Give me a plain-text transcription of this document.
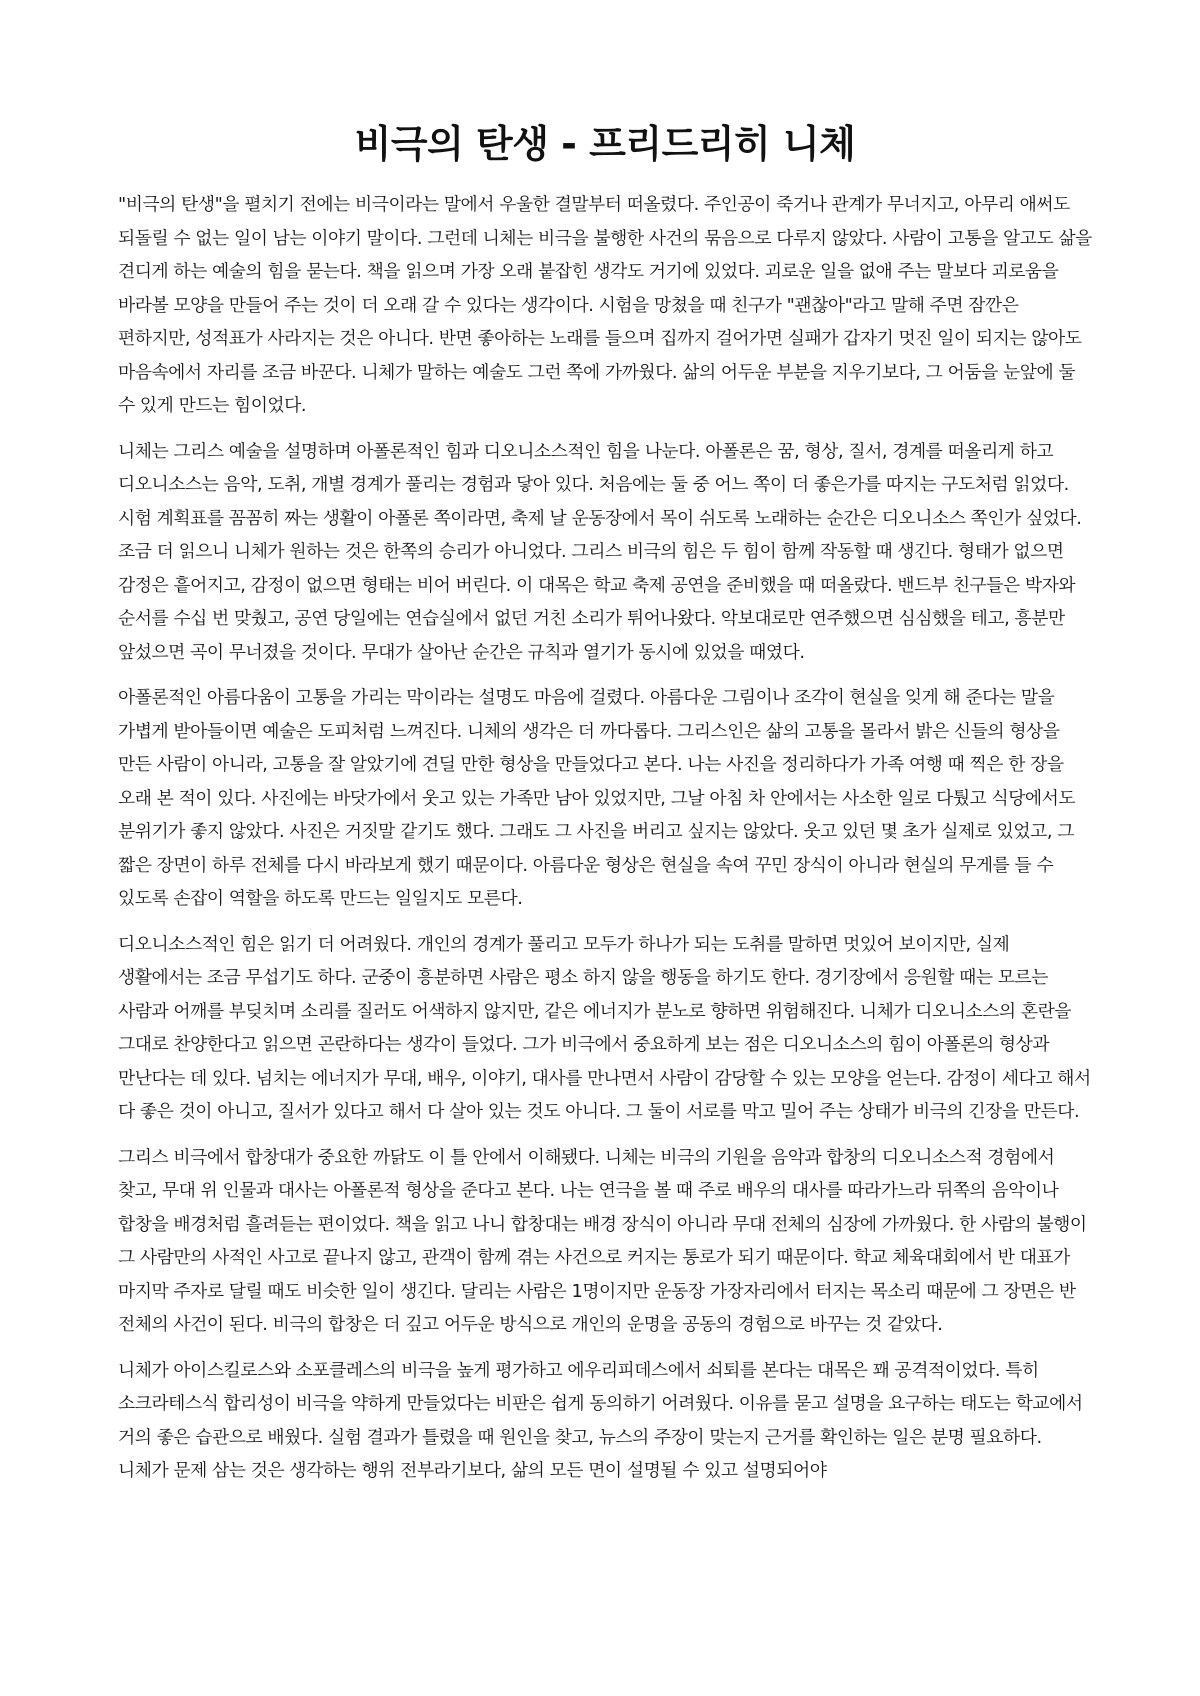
비극의 탄생 - 프리드리히 니체

"비극의 탄생"을 펼치기 전에는 비극이라는 말에서 우울한 결말부터 떠올렸다. 주인공이 죽거나 관계가 무너지고, 아무리 애써도 되돌릴 수 없는 일이 남는 이야기 말이다. 그런데 니체는 비극을 불행한 사건의 묶음으로 다루지 않았다. 사람이 고통을 알고도 삶을 견디게 하는 예술의 힘을 묻는다. 책을 읽으며 가장 오래 붙잡힌 생각도 거기에 있었다. 괴로운 일을 없애 주는 말보다 괴로움을 바라볼 모양을 만들어 주는 것이 더 오래 갈 수 있다는 생각이다. 시험을 망쳤을 때 친구가 "괜찮아"라고 말해 주면 잠깐은 편하지만, 성적표가 사라지는 것은 아니다. 반면 좋아하는 노래를 들으며 집까지 걸어가면 실패가 갑자기 멋진 일이 되지는 않아도 마음속에서 자리를 조금 바꾼다. 니체가 말하는 예술도 그런 쪽에 가까웠다. 삶의 어두운 부분을 지우기보다, 그 어둠을 눈앞에 둘 수 있게 만드는 힘이었다.

니체는 그리스 예술을 설명하며 아폴론적인 힘과 디오니소스적인 힘을 나눈다. 아폴론은 꿈, 형상, 질서, 경계를 떠올리게 하고 디오니소스는 음악, 도취, 개별 경계가 풀리는 경험과 닿아 있다. 처음에는 둘 중 어느 쪽이 더 좋은가를 따지는 구도처럼 읽었다. 시험 계획표를 꼼꼼히 짜는 생활이 아폴론 쪽이라면, 축제 날 운동장에서 목이 쉬도록 노래하는 순간은 디오니소스 쪽인가 싶었다. 조금 더 읽으니 니체가 원하는 것은 한쪽의 승리가 아니었다. 그리스 비극의 힘은 두 힘이 함께 작동할 때 생긴다. 형태가 없으면 감정은 흩어지고, 감정이 없으면 형태는 비어 버린다. 이 대목은 학교 축제 공연을 준비했을 때 떠올랐다. 밴드부 친구들은 박자와 순서를 수십 번 맞췄고, 공연 당일에는 연습실에서 없던 거친 소리가 튀어나왔다. 악보대로만 연주했으면 심심했을 테고, 흥분만 앞섰으면 곡이 무너졌을 것이다. 무대가 살아난 순간은 규칙과 열기가 동시에 있었을 때였다.

아폴론적인 아름다움이 고통을 가리는 막이라는 설명도 마음에 걸렸다. 아름다운 그림이나 조각이 현실을 잊게 해 준다는 말을 가볍게 받아들이면 예술은 도피처럼 느껴진다. 니체의 생각은 더 까다롭다. 그리스인은 삶의 고통을 몰라서 밝은 신들의 형상을 만든 사람이 아니라, 고통을 잘 알았기에 견딜 만한 형상을 만들었다고 본다. 나는 사진을 정리하다가 가족 여행 때 찍은 한 장을 오래 본 적이 있다. 사진에는 바닷가에서 웃고 있는 가족만 남아 있었지만, 그날 아침 차 안에서는 사소한 일로 다퉜고 식당에서도 분위기가 좋지 않았다. 사진은 거짓말 같기도 했다. 그래도 그 사진을 버리고 싶지는 않았다. 웃고 있던 몇 초가 실제로 있었고, 그 짧은 장면이 하루 전체를 다시 바라보게 했기 때문이다. 아름다운 형상은 현실을 속여 꾸민 장식이 아니라 현실의 무게를 들 수 있도록 손잡이 역할을 하도록 만드는 일일지도 모른다.

디오니소스적인 힘은 읽기 더 어려웠다. 개인의 경계가 풀리고 모두가 하나가 되는 도취를 말하면 멋있어 보이지만, 실제 생활에서는 조금 무섭기도 하다. 군중이 흥분하면 사람은 평소 하지 않을 행동을 하기도 한다. 경기장에서 응원할 때는 모르는 사람과 어깨를 부딪치며 소리를 질러도 어색하지 않지만, 같은 에너지가 분노로 향하면 위험해진다. 니체가 디오니소스의 혼란을 그대로 찬양한다고 읽으면 곤란하다는 생각이 들었다. 그가 비극에서 중요하게 보는 점은 디오니소스의 힘이 아폴론의 형상과 만난다는 데 있다. 넘치는 에너지가 무대, 배우, 이야기, 대사를 만나면서 사람이 감당할 수 있는 모양을 얻는다. 감정이 세다고 해서 다 좋은 것이 아니고, 질서가 있다고 해서 다 살아 있는 것도 아니다. 그 둘이 서로를 막고 밀어 주는 상태가 비극의 긴장을 만든다.

그리스 비극에서 합창대가 중요한 까닭도 이 틀 안에서 이해됐다. 니체는 비극의 기원을 음악과 합창의 디오니소스적 경험에서 찾고, 무대 위 인물과 대사는 아폴론적 형상을 준다고 본다. 나는 연극을 볼 때 주로 배우의 대사를 따라가느라 뒤쪽의 음악이나 합창을 배경처럼 흘려듣는 편이었다. 책을 읽고 나니 합창대는 배경 장식이 아니라 무대 전체의 심장에 가까웠다. 한 사람의 불행이 그 사람만의 사적인 사고로 끝나지 않고, 관객이 함께 겪는 사건으로 커지는 통로가 되기 때문이다. 학교 체육대회에서 반 대표가 마지막 주자로 달릴 때도 비슷한 일이 생긴다. 달리는 사람은 1명이지만 운동장 가장자리에서 터지는 목소리 때문에 그 장면은 반 전체의 사건이 된다. 비극의 합창은 더 깊고 어두운 방식으로 개인의 운명을 공동의 경험으로 바꾸는 것 같았다.

니체가 아이스킬로스와 소포클레스의 비극을 높게 평가하고 에우리피데스에서 쇠퇴를 본다는 대목은 꽤 공격적이었다. 특히 소크라테스식 합리성이 비극을 약하게 만들었다는 비판은 쉽게 동의하기 어려웠다. 이유를 묻고 설명을 요구하는 태도는 학교에서 거의 좋은 습관으로 배웠다. 실험 결과가 틀렸을 때 원인을 찾고, 뉴스의 주장이 맞는지 근거를 확인하는 일은 분명 필요하다. 니체가 문제 삼는 것은 생각하는 행위 전부라기보다, 삶의 모든 면이 설명될 수 있고 설명되어야
